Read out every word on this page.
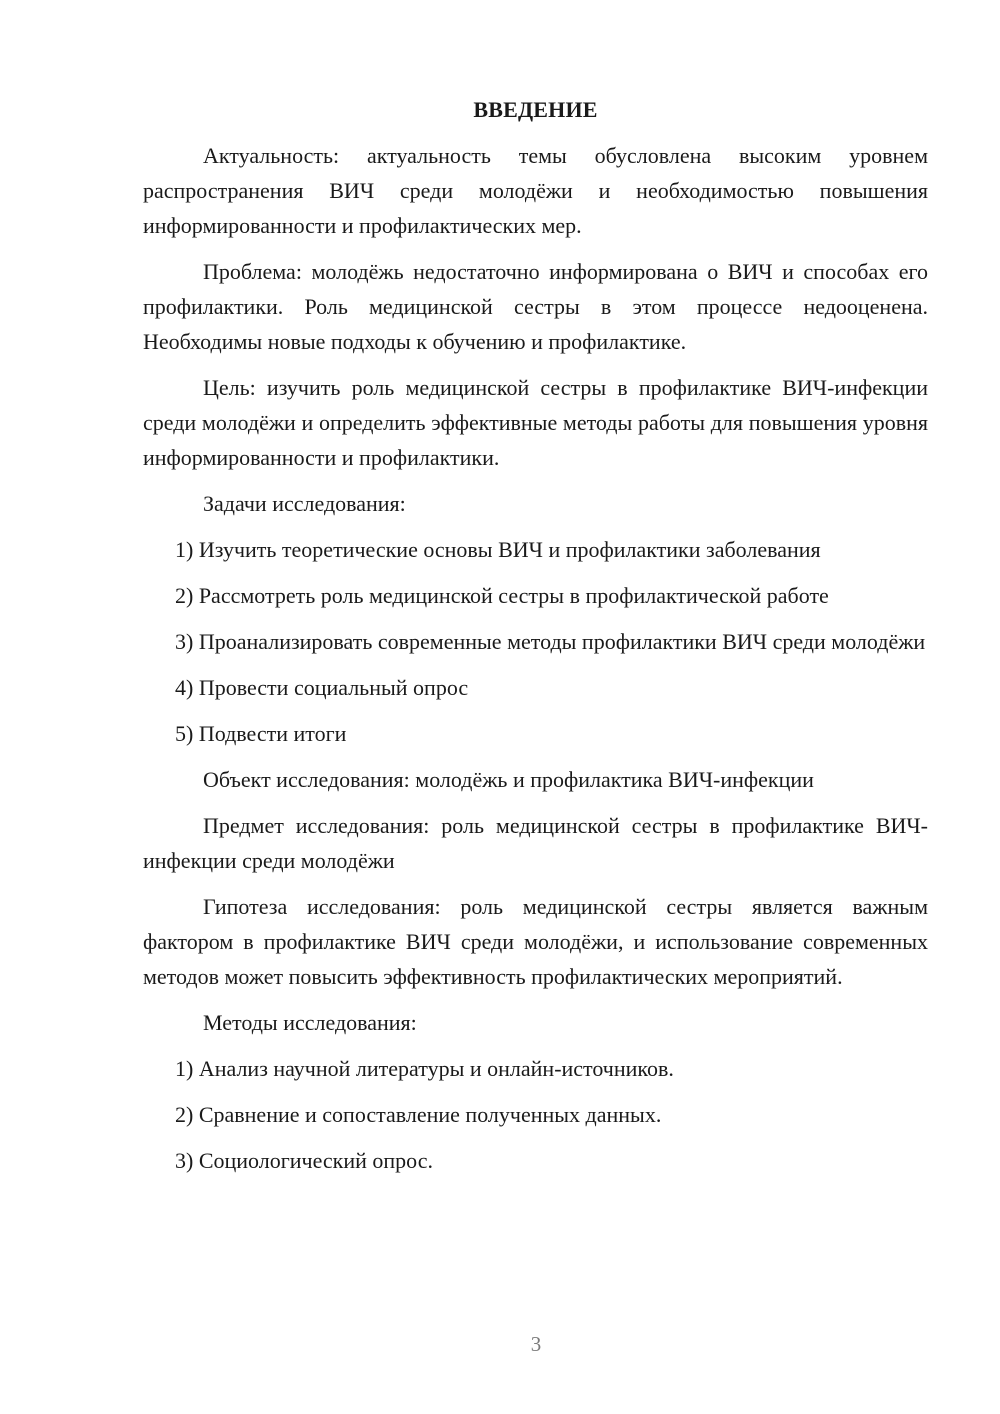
ВВЕДЕНИЕ

Актуальность: актуальность темы обусловлена высоким уровнем распространения ВИЧ среди молодёжи и необходимостью повышения информированности и профилактических мер.

Проблема: молодёжь недостаточно информирована о ВИЧ и способах его профилактики. Роль медицинской сестры в этом процессе недооценена. Необходимы новые подходы к обучению и профилактике.

Цель: изучить роль медицинской сестры в профилактике ВИЧ-инфекции среди молодёжи и определить эффективные методы работы для повышения уровня информированности и профилактики.

Задачи исследования:

1) Изучить теоретические основы ВИЧ и профилактики заболевания

2) Рассмотреть роль медицинской сестры в профилактической работе

3) Проанализировать современные методы профилактики ВИЧ среди молодёжи

4) Провести социальный опрос

5) Подвести итоги

Объект исследования: молодёжь и профилактика ВИЧ-инфекции

Предмет исследования: роль медицинской сестры в профилактике ВИЧ-инфекции среди молодёжи

Гипотеза исследования: роль медицинской сестры является важным фактором в профилактике ВИЧ среди молодёжи, и использование современных методов может повысить эффективность профилактических мероприятий.

Методы исследования:

1) Анализ научной литературы и онлайн-источников.

2) Сравнение и сопоставление полученных данных.

3) Социологический опрос.

3
